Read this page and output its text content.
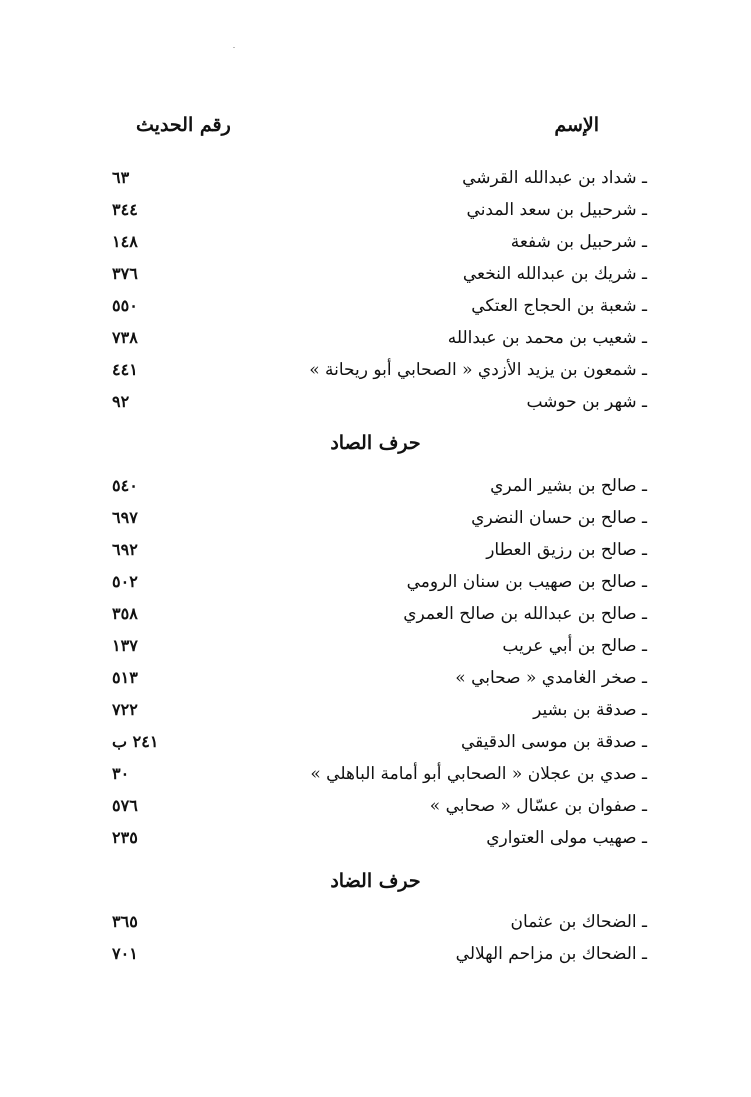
الإسم
رقم الحديث
ـ شداد بن عبدالله القرشي
٦٣
ـ شرحبيل بن سعد المدني
٣٤٤
ـ شرحبيل بن شفعة
١٤٨
ـ شريك بن عبدالله النخعي
٣٧٦
ـ شعبة بن الحجاج العتكي
٥٥٠
ـ شعيب بن محمد بن عبدالله
٧٣٨
ـ شمعون بن يزيد الأزدي « الصحابي أبو ريحانة »
٤٤١
ـ شهر بن حوشب
٩٢
حرف الصاد
ـ صالح بن بشير المري
٥٤٠
ـ صالح بن حسان النضري
٦٩٧
ـ صالح بن رزيق العطار
٦٩٢
ـ صالح بن صهيب بن سنان الرومي
٥٠٢
ـ صالح بن عبدالله بن صالح العمري
٣٥٨
ـ صالح بن أبي عريب
١٣٧
ـ صخر الغامدي « صحابي »
٥١٣
ـ صدقة بن بشير
٧٢٢
ـ صدقة بن موسى الدقيقي
٢٤١ ب
ـ صدي بن عجلان « الصحابي أبو أمامة الباهلي »
٣٠
ـ صفوان بن عسّال « صحابي »
٥٧٦
ـ صهيب مولى العتواري
٢٣٥
حرف الضاد
ـ الضحاك بن عثمان
٣٦٥
ـ الضحاك بن مزاحم الهلالي
٧٠١
